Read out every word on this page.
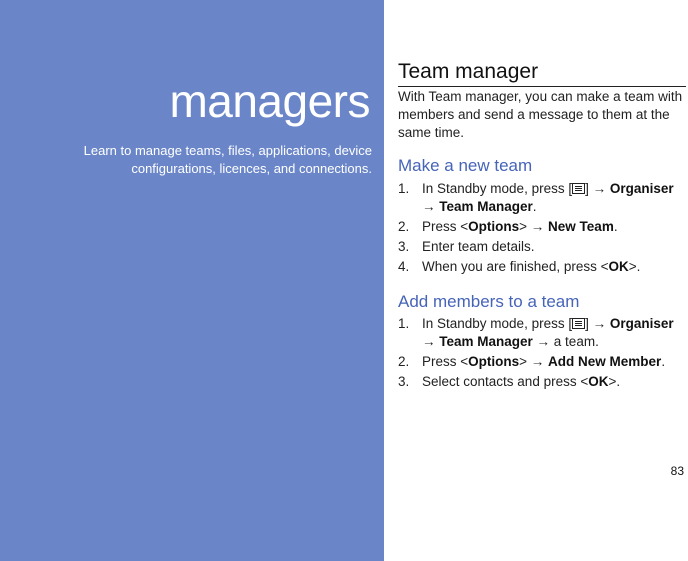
managers
Learn to manage teams, files, applications, device configurations, licences, and connections.
Team manager

With Team manager, you can make a team with members and send a message to them at the same time.

Make a new team
1. In Standby mode, press [ ] → Organiser
→ Team Manager.
2. Press <Options> → New Team.
3. Enter team details.
4. When you are finished, press <OK>.
Add members to a team
1. In Standby mode, press [ ] → Organiser
→ Team Manager → a team.
2. Press <Options> → Add New Member.
3. Select contacts and press <OK>.
83
